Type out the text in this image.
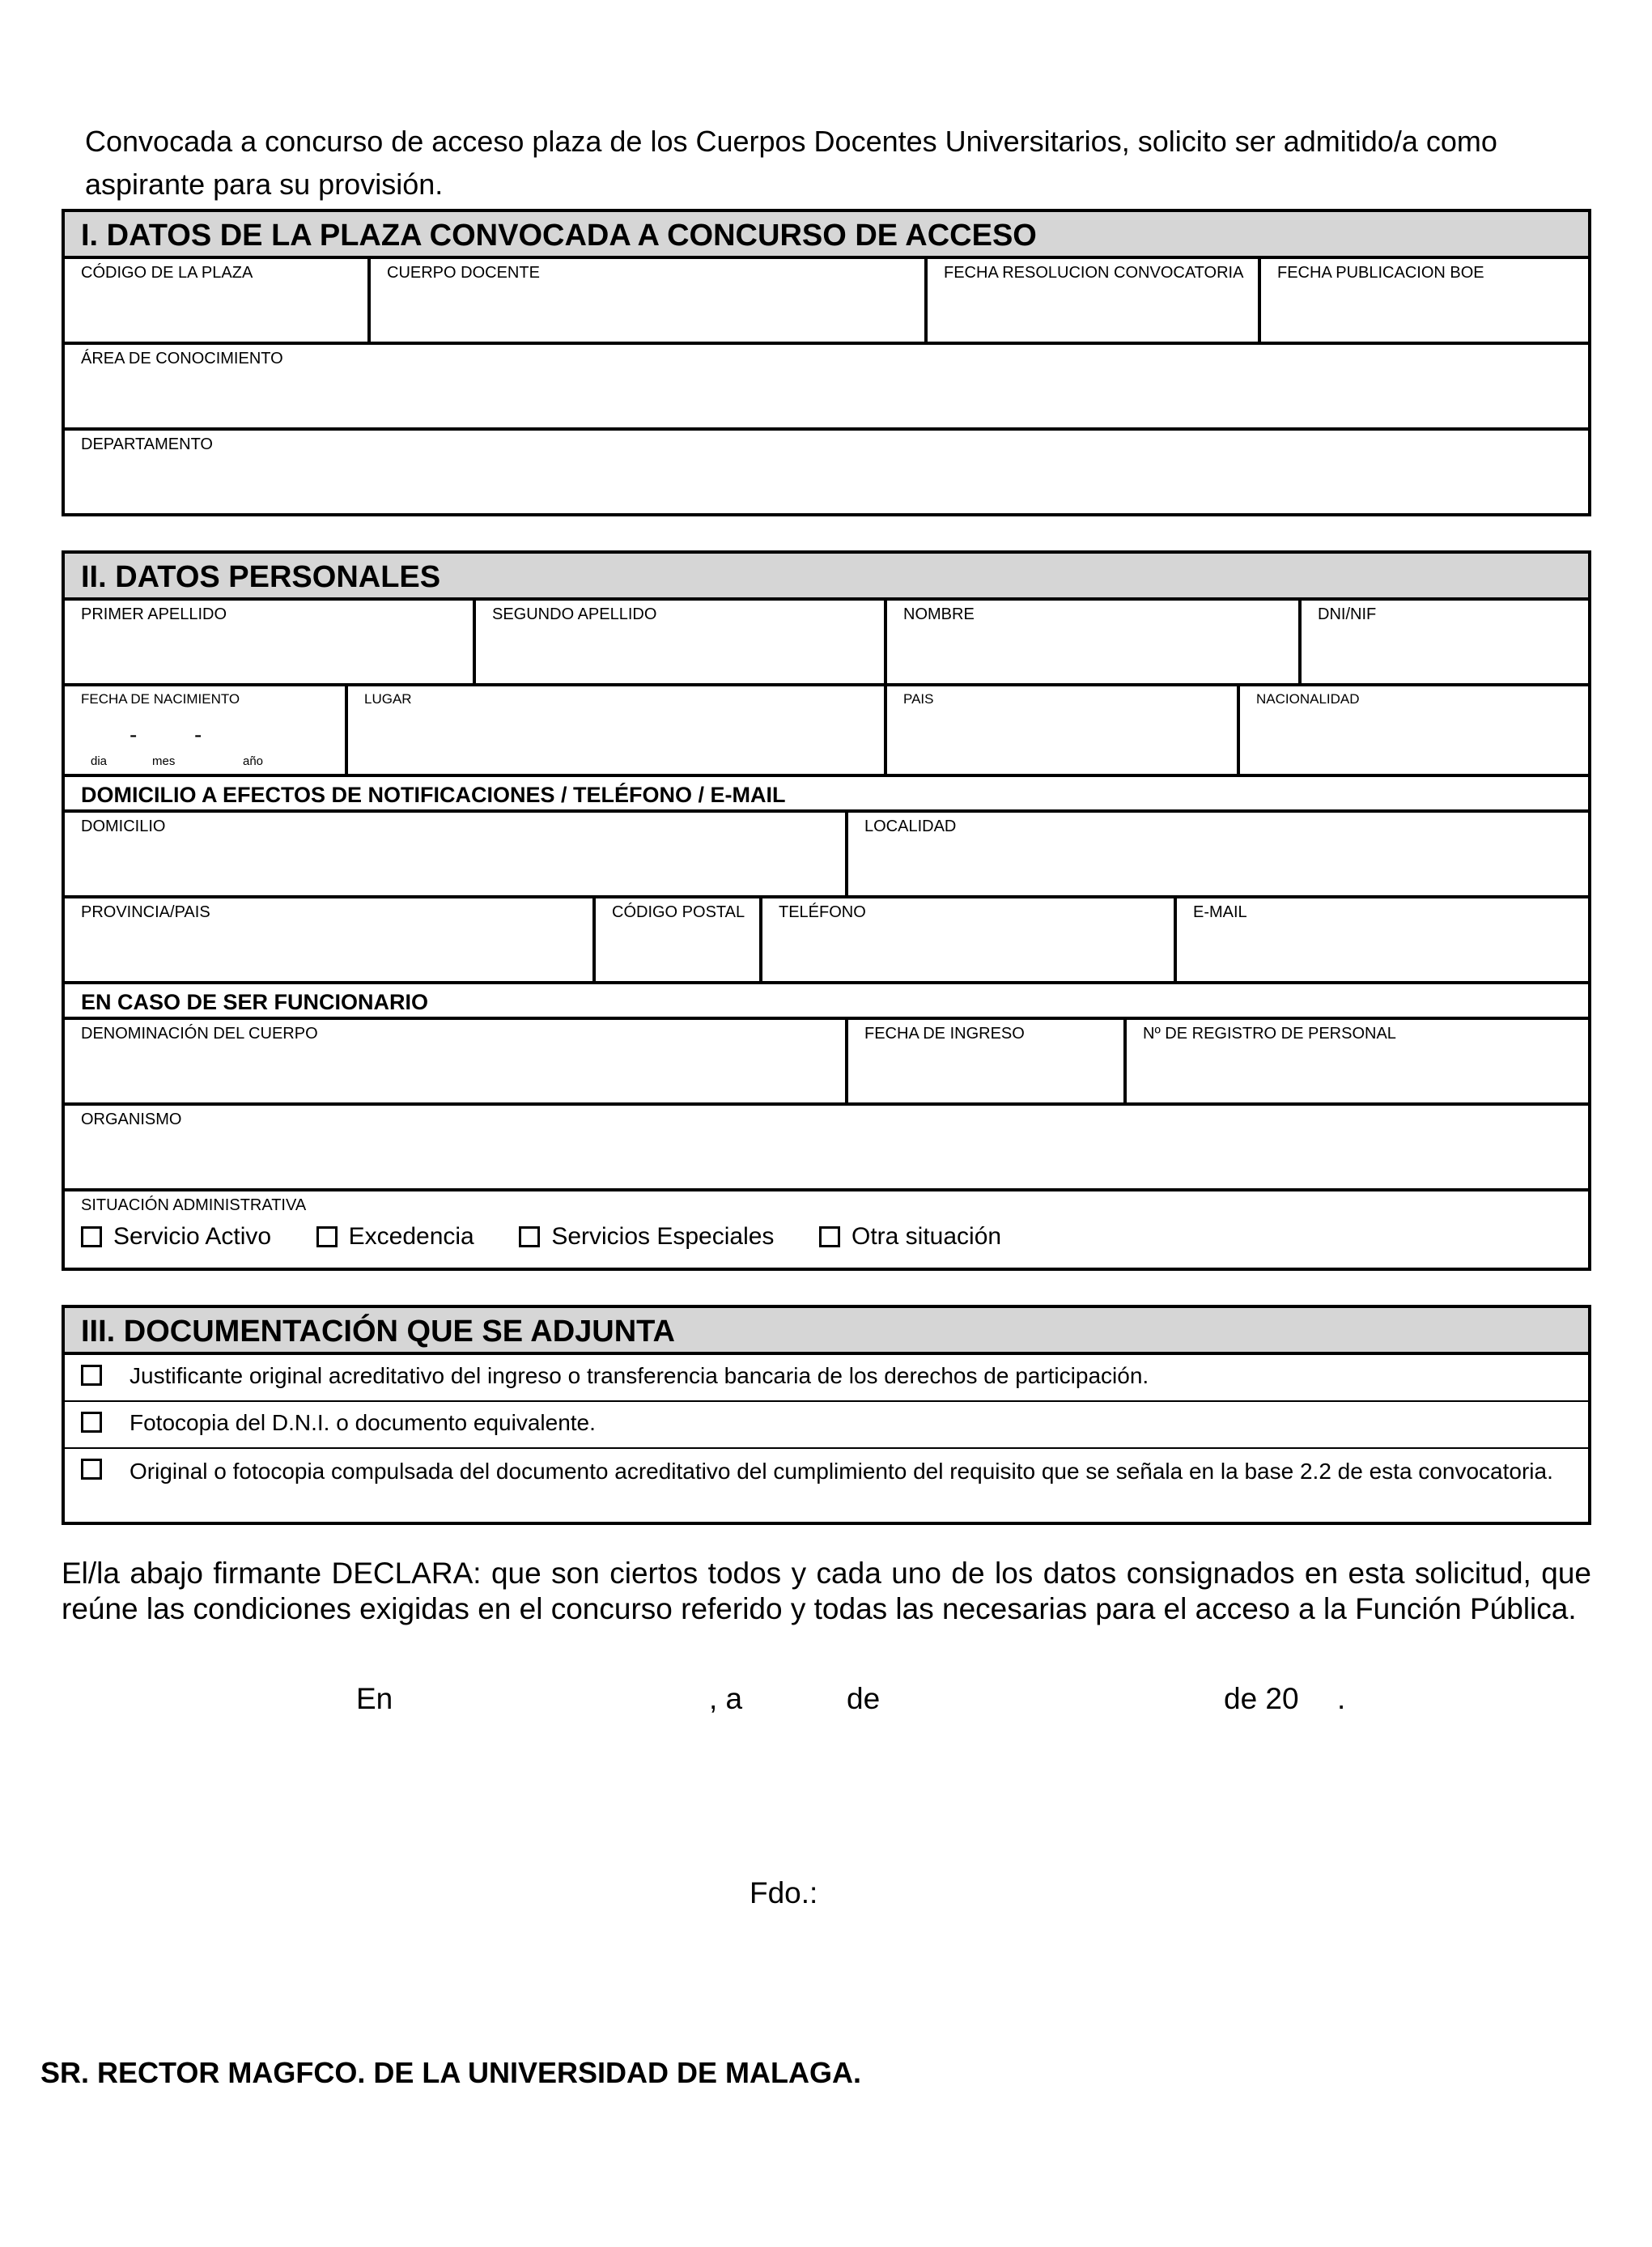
Convocada a concurso de acceso plaza de los Cuerpos Docentes Universitarios, solicito ser admitido/a como aspirante para su provisión.
I. DATOS DE LA PLAZA CONVOCADA A CONCURSO DE ACCESO
CÓDIGO DE LA PLAZA	CUERPO DOCENTE	FECHA RESOLUCION CONVOCATORIA	FECHA PUBLICACION BOE
ÁREA DE CONOCIMIENTO
DEPARTAMENTO
II. DATOS PERSONALES
PRIMER APELLIDO	SEGUNDO APELLIDO	NOMBRE	DNI/NIF
FECHA DE NACIMIENTO
-	-
dia	mes	año
LUGAR	PAIS	NACIONALIDAD
DOMICILIO A EFECTOS DE NOTIFICACIONES / TELÉFONO / E-MAIL
DOMICILIO	LOCALIDAD
PROVINCIA/PAIS	CÓDIGO POSTAL	TELÉFONO	E-MAIL
EN CASO DE SER FUNCIONARIO
DENOMINACIÓN DEL CUERPO	FECHA DE INGRESO	Nº DE REGISTRO DE PERSONAL
ORGANISMO
SITUACIÓN ADMINISTRATIVA
Servicio Activo
	Excedencia
	Servicios Especiales
	Otra situación
III. DOCUMENTACIÓN QUE SE ADJUNTA
Justificante original acreditativo del ingreso o transferencia bancaria de los derechos de participación.
Fotocopia del D.N.I. o documento equivalente.
Original o fotocopia compulsada del documento acreditativo del cumplimiento del requisito que se señala en la base 2.2 de esta convocatoria.
El/la abajo firmante DECLARA: que son ciertos todos y cada uno de los datos consignados en esta solicitud, que reúne las condiciones exigidas en el concurso referido y todas las necesarias para el acceso a la Función Pública.
En	, a	de	de 20 .
Fdo.:
SR. RECTOR MAGFCO. DE LA UNIVERSIDAD DE MALAGA.
